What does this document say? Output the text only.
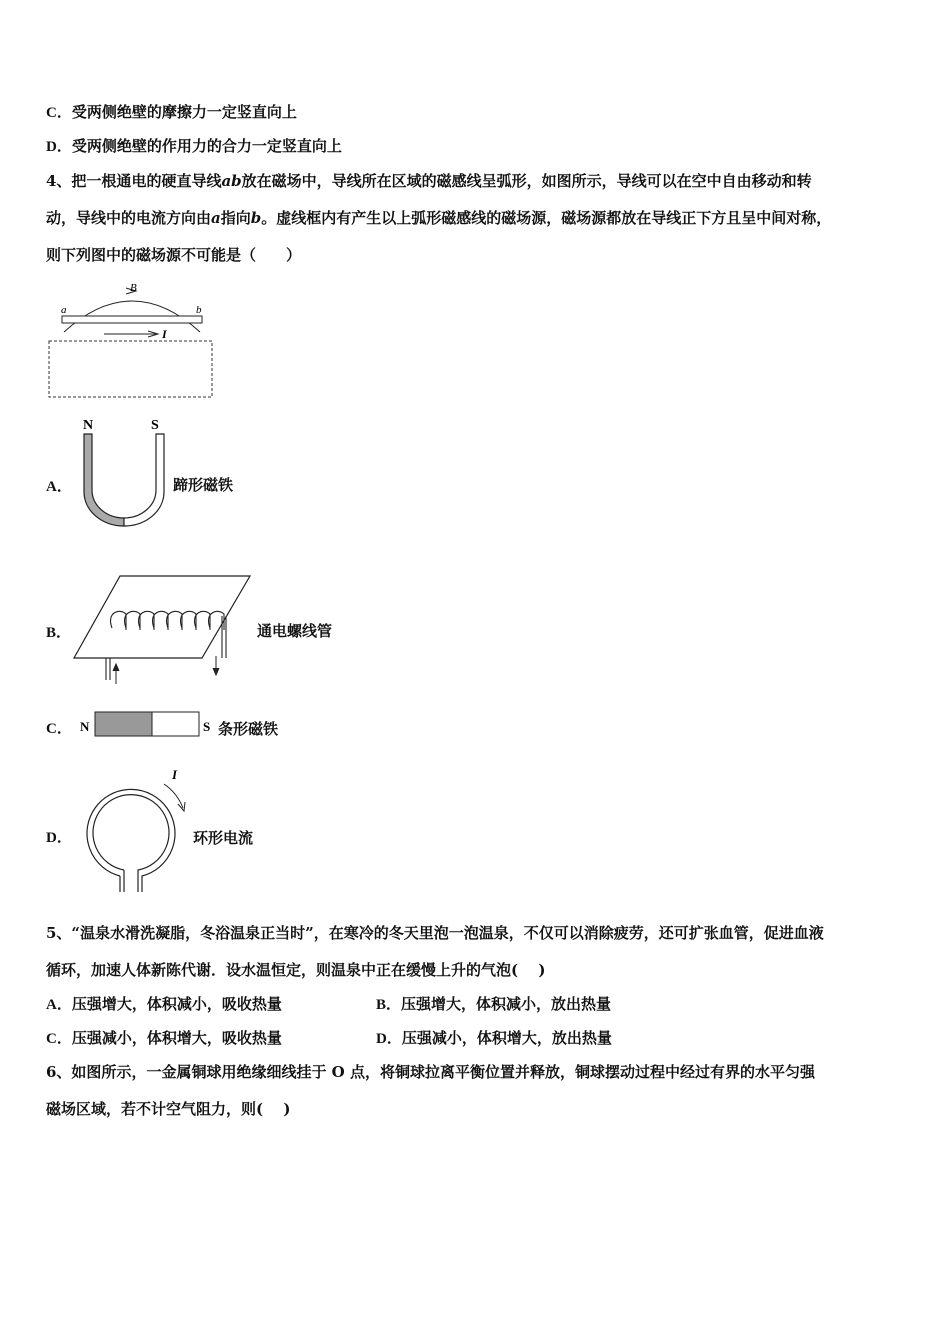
C．受两侧绝壁的摩擦力一定竖直向上
D．受两侧绝壁的作用力的合力一定竖直向上
4、把一根通电的硬直导线ab放在磁场中，导线所在区域的磁感线呈弧形，如图所示，导线可以在空中自由移动和转
动，导线中的电流方向由a指向b。虚线框内有产生以上弧形磁感线的磁场源，磁场源都放在导线正下方且呈中间对称，
则下列图中的磁场源不可能是（　　）
a	b
B
I
A．
N	S
蹄形磁铁
B．	通电螺线管
C． N	S 条形磁铁
D．
I
环形电流
5、“温泉水滑洗凝脂，冬浴温泉正当时”，在寒冷的冬天里泡一泡温泉，不仅可以消除疲劳，还可扩张血管，促进血液
循环，加速人体新陈代谢．设水温恒定，则温泉中正在缓慢上升的气泡(　 )
A．压强增大，体积减小，吸收热量	B．压强增大，体积减小，放出热量
C．压强减小，体积增大，吸收热量	D．压强减小，体积增大，放出热量
6、如图所示，一金属铜球用绝缘细线挂于 O 点，将铜球拉离平衡位置并释放，铜球摆动过程中经过有界的水平匀强
磁场区域，若不计空气阻力，则(　 )
